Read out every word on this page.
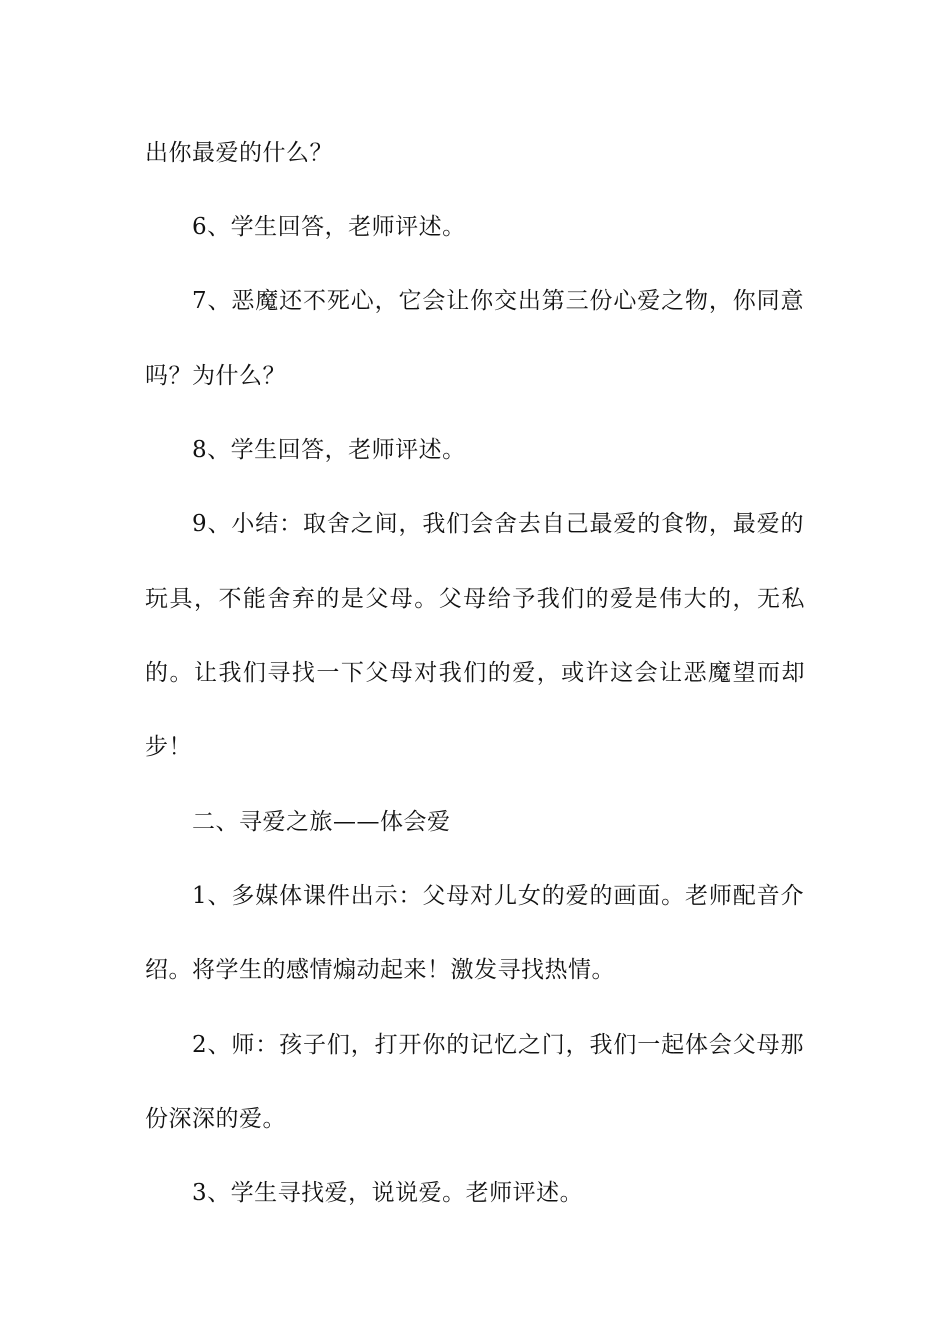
出你最爱的什么？
6、学生回答，老师评述。
7、恶魔还不死心，它会让你交出第三份心爱之物，你同意
吗？为什么？
8、学生回答，老师评述。
9、小结：取舍之间，我们会舍去自己最爱的食物，最爱的
玩具，不能舍弃的是父母。父母给予我们的爱是伟大的，无私
的。让我们寻找一下父母对我们的爱，或许这会让恶魔望而却
步！
二、寻爱之旅——体会爱
1、多媒体课件出示：父母对儿女的爱的画面。老师配音介
绍。将学生的感情煽动起来！激发寻找热情。
2、师：孩子们，打开你的记忆之门，我们一起体会父母那
份深深的爱。
3、学生寻找爱，说说爱。老师评述。
